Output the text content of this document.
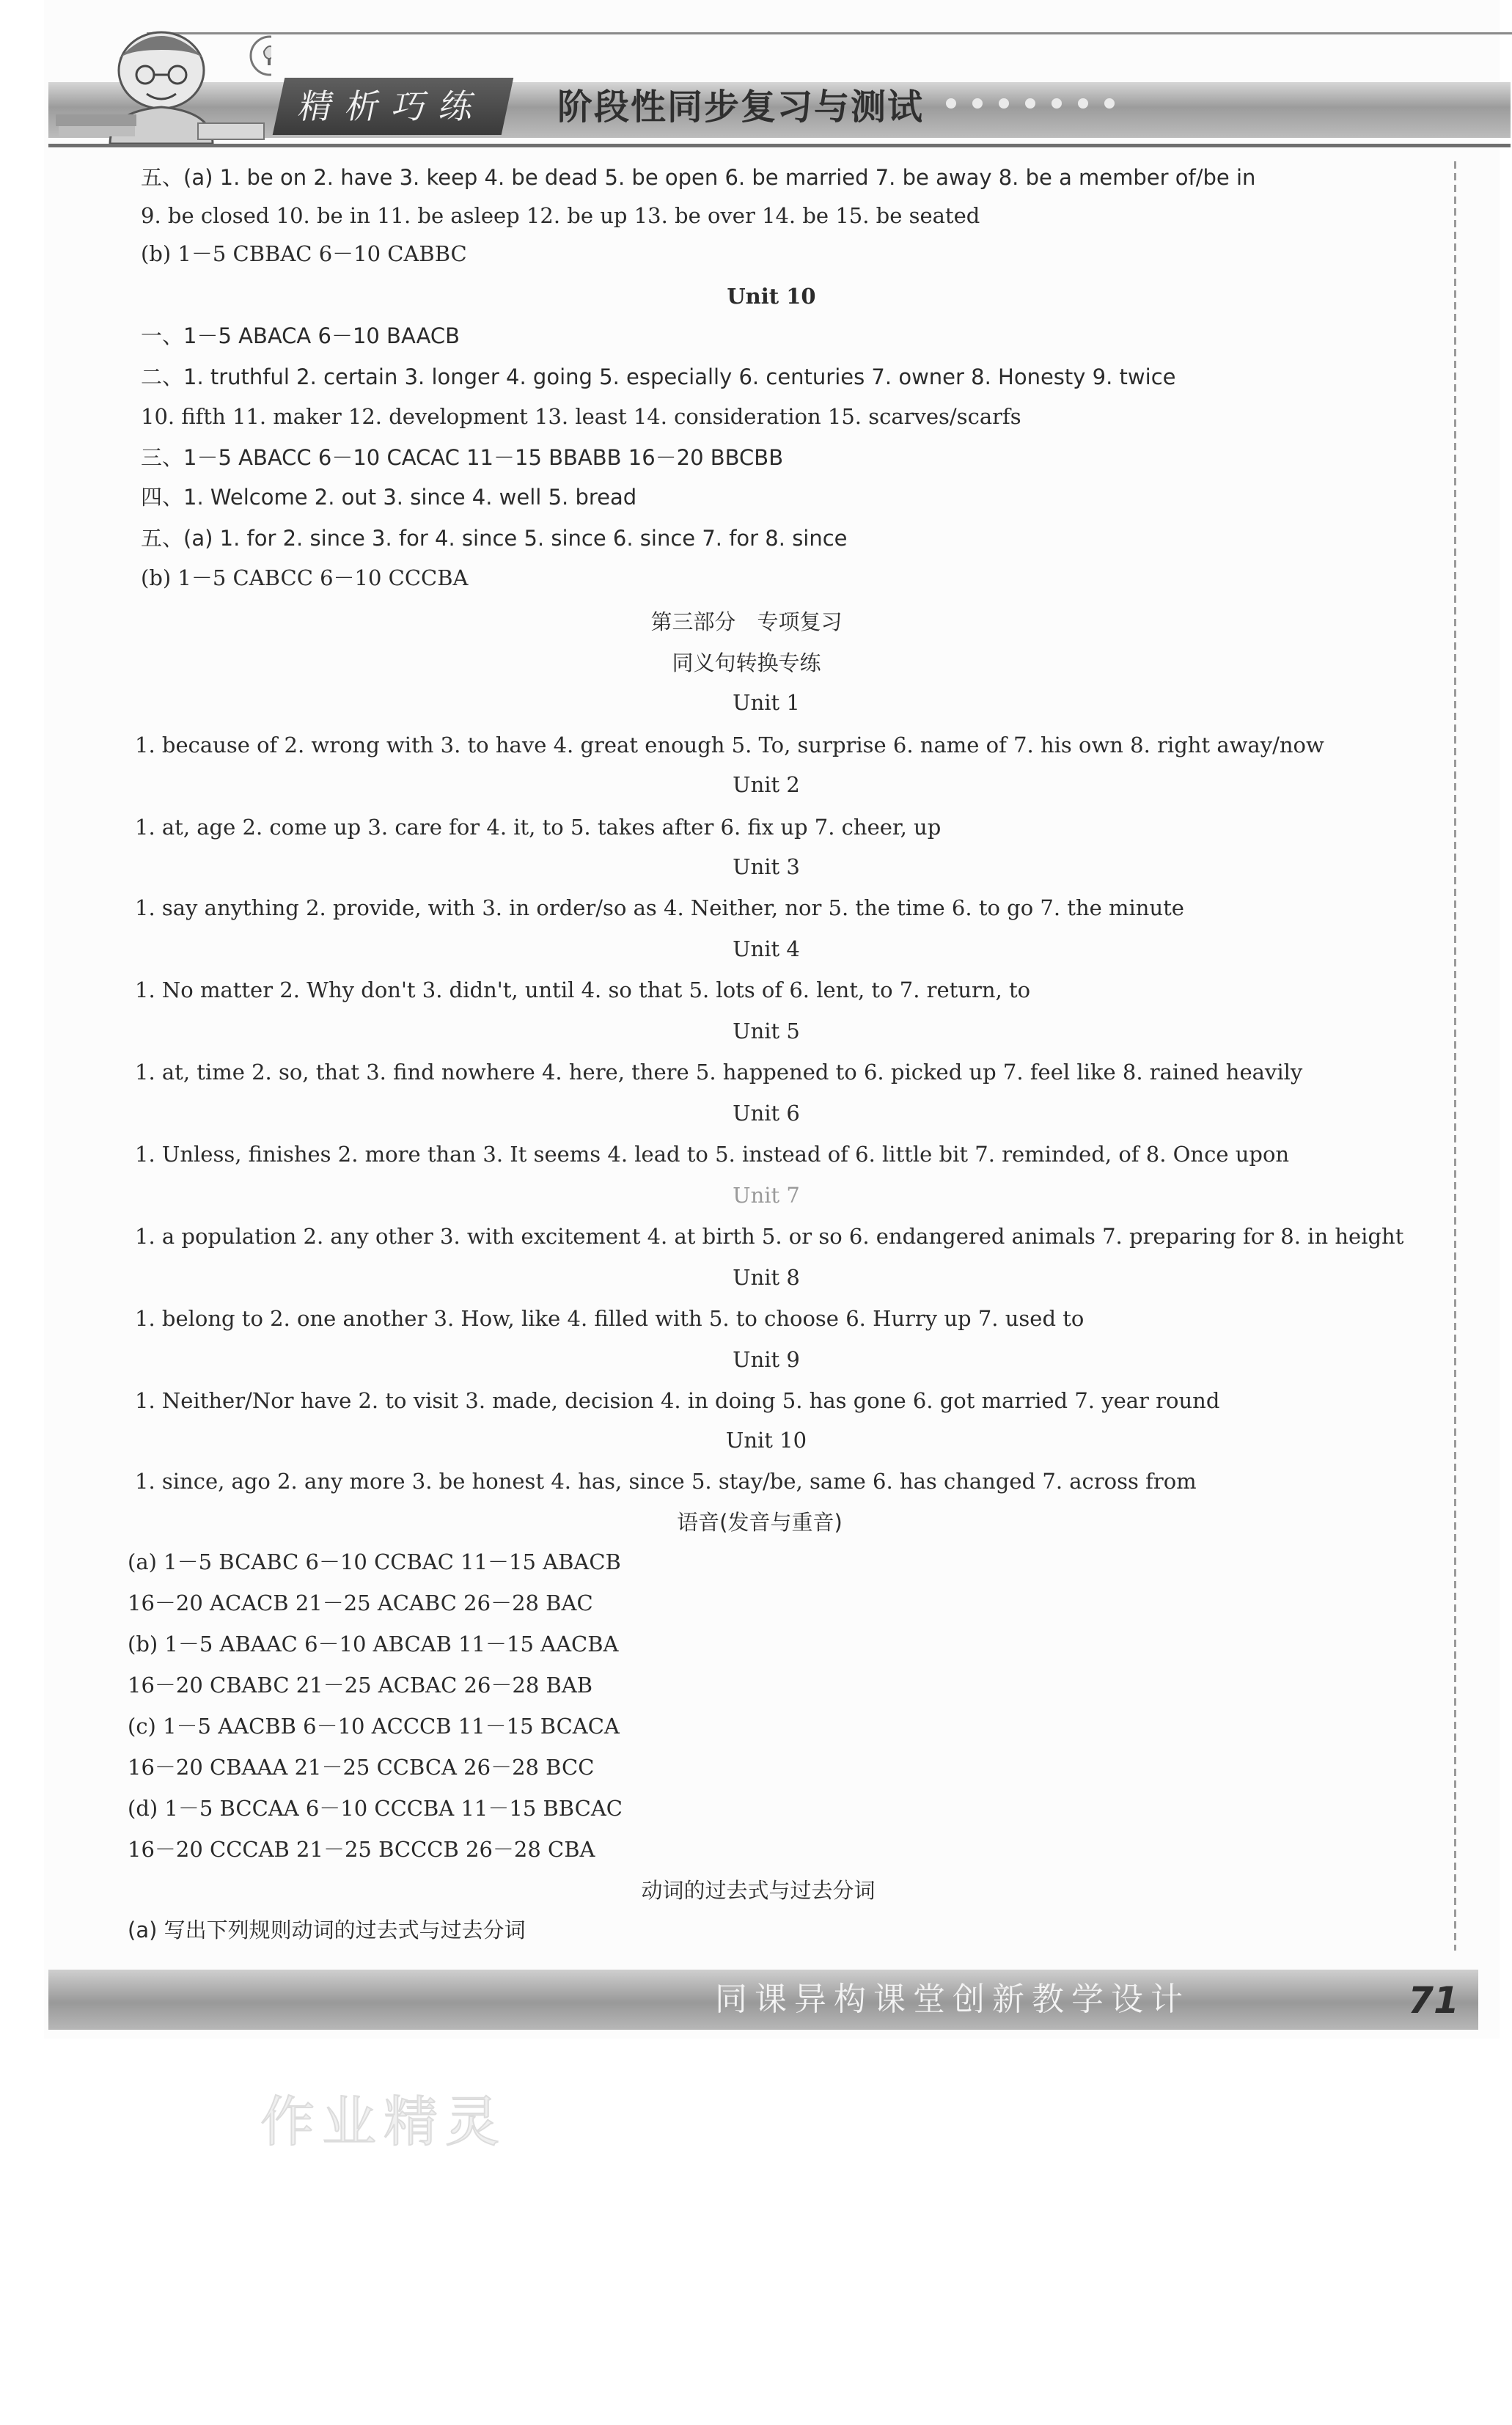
精析巧练	阶段性同步复习与测试
五、(a) 1. be on 2. have 3. keep 4. be dead 5. be open 6. be married 7. be away 8. be a member of/be in
9. be closed 10. be in 11. be asleep 12. be up 13. be over 14. be 15. be seated
(b) 1－5 CBBAC 6－10 CABBC
Unit 10
一、1－5 ABACA 6－10 BAACB
二、1. truthful 2. certain 3. longer 4. going 5. especially 6. centuries 7. owner 8. Honesty 9. twice
10. fifth 11. maker 12. development 13. least 14. consideration 15. scarves/scarfs
三、1－5 ABACC 6－10 CACAC 11－15 BBABB 16－20 BBCBB
四、1. Welcome 2. out 3. since 4. well 5. bread
五、(a) 1. for 2. since 3. for 4. since 5. since 6. since 7. for 8. since
(b) 1－5 CABCC 6－10 CCCBA
第三部分　专项复习
同义句转换专练
Unit 1
1. because of 2. wrong with 3. to have 4. great enough 5. To, surprise 6. name of 7. his own 8. right away/now
Unit 2
1. at, age 2. come up 3. care for 4. it, to 5. takes after 6. fix up 7. cheer, up
Unit 3
1. say anything 2. provide, with 3. in order/so as 4. Neither, nor 5. the time 6. to go 7. the minute
Unit 4
1. No matter 2. Why don't 3. didn't, until 4. so that 5. lots of 6. lent, to 7. return, to
Unit 5
1. at, time 2. so, that 3. find nowhere 4. here, there 5. happened to 6. picked up 7. feel like 8. rained heavily
Unit 6
1. Unless, finishes 2. more than 3. It seems 4. lead to 5. instead of 6. little bit 7. reminded, of 8. Once upon
Unit 7
1. a population 2. any other 3. with excitement 4. at birth 5. or so 6. endangered animals 7. preparing for 8. in height
Unit 8
1. belong to 2. one another 3. How, like 4. filled with 5. to choose 6. Hurry up 7. used to
Unit 9
1. Neither/Nor have 2. to visit 3. made, decision 4. in doing 5. has gone 6. got married 7. year round
Unit 10
1. since, ago 2. any more 3. be honest 4. has, since 5. stay/be, same 6. has changed 7. across from
语音(发音与重音)
(a) 1－5 BCABC 6－10 CCBAC 11－15 ABACB
16－20 ACACB 21－25 ACABC 26－28 BAC
(b) 1－5 ABAAC 6－10 ABCAB 11－15 AACBA
16－20 CBABC 21－25 ACBAC 26－28 BAB
(c) 1－5 AACBB 6－10 ACCCB 11－15 BCACA
16－20 CBAAA 21－25 CCBCA 26－28 BCC
(d) 1－5 BCCAA 6－10 CCCBA 11－15 BBCAC
16－20 CCCAB 21－25 BCCCB 26－28 CBA
动词的过去式与过去分词
(a) 写出下列规则动词的过去式与过去分词
同课异构课堂创新教学设计	71
作业精灵
